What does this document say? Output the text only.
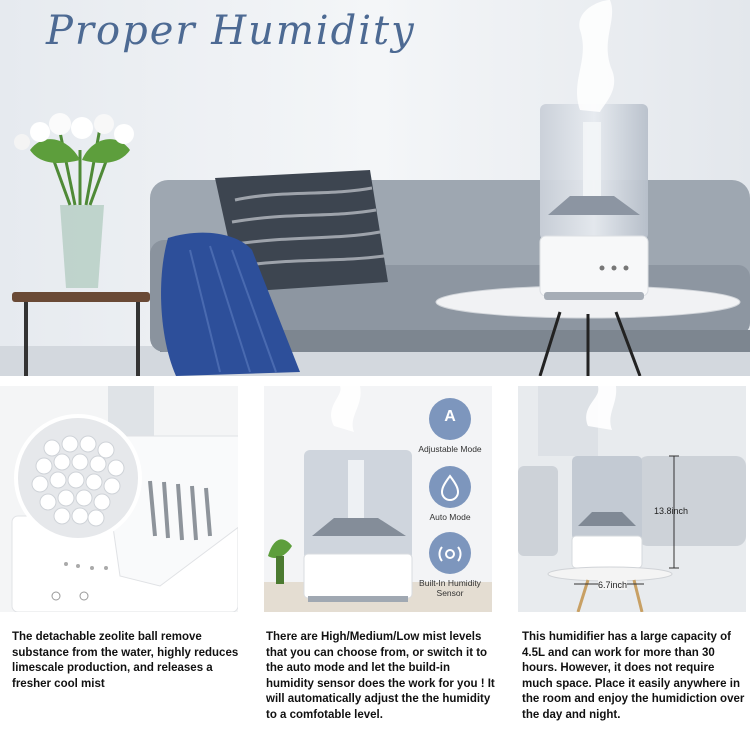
Proper Humidity
The detachable zeolite ball remove substance from the water, highly reduces limescale production, and releases a fresher cool mist
A
Adjustable Mode
Auto Mode
Built-In Humidity Sensor
There are High/Medium/Low mist levels that you can choose from, or switch it to the auto mode and let the build-in humidity sensor does the work for you ! It will automatically adjust the the humidity to a comfotable level.
13.8inch
6.7inch
This humidifier has a large capacity of 4.5L and can work for more than 30 hours. However, it does not require much space. Place it easily anywhere in the room and enjoy the humidiction over the day and night.
